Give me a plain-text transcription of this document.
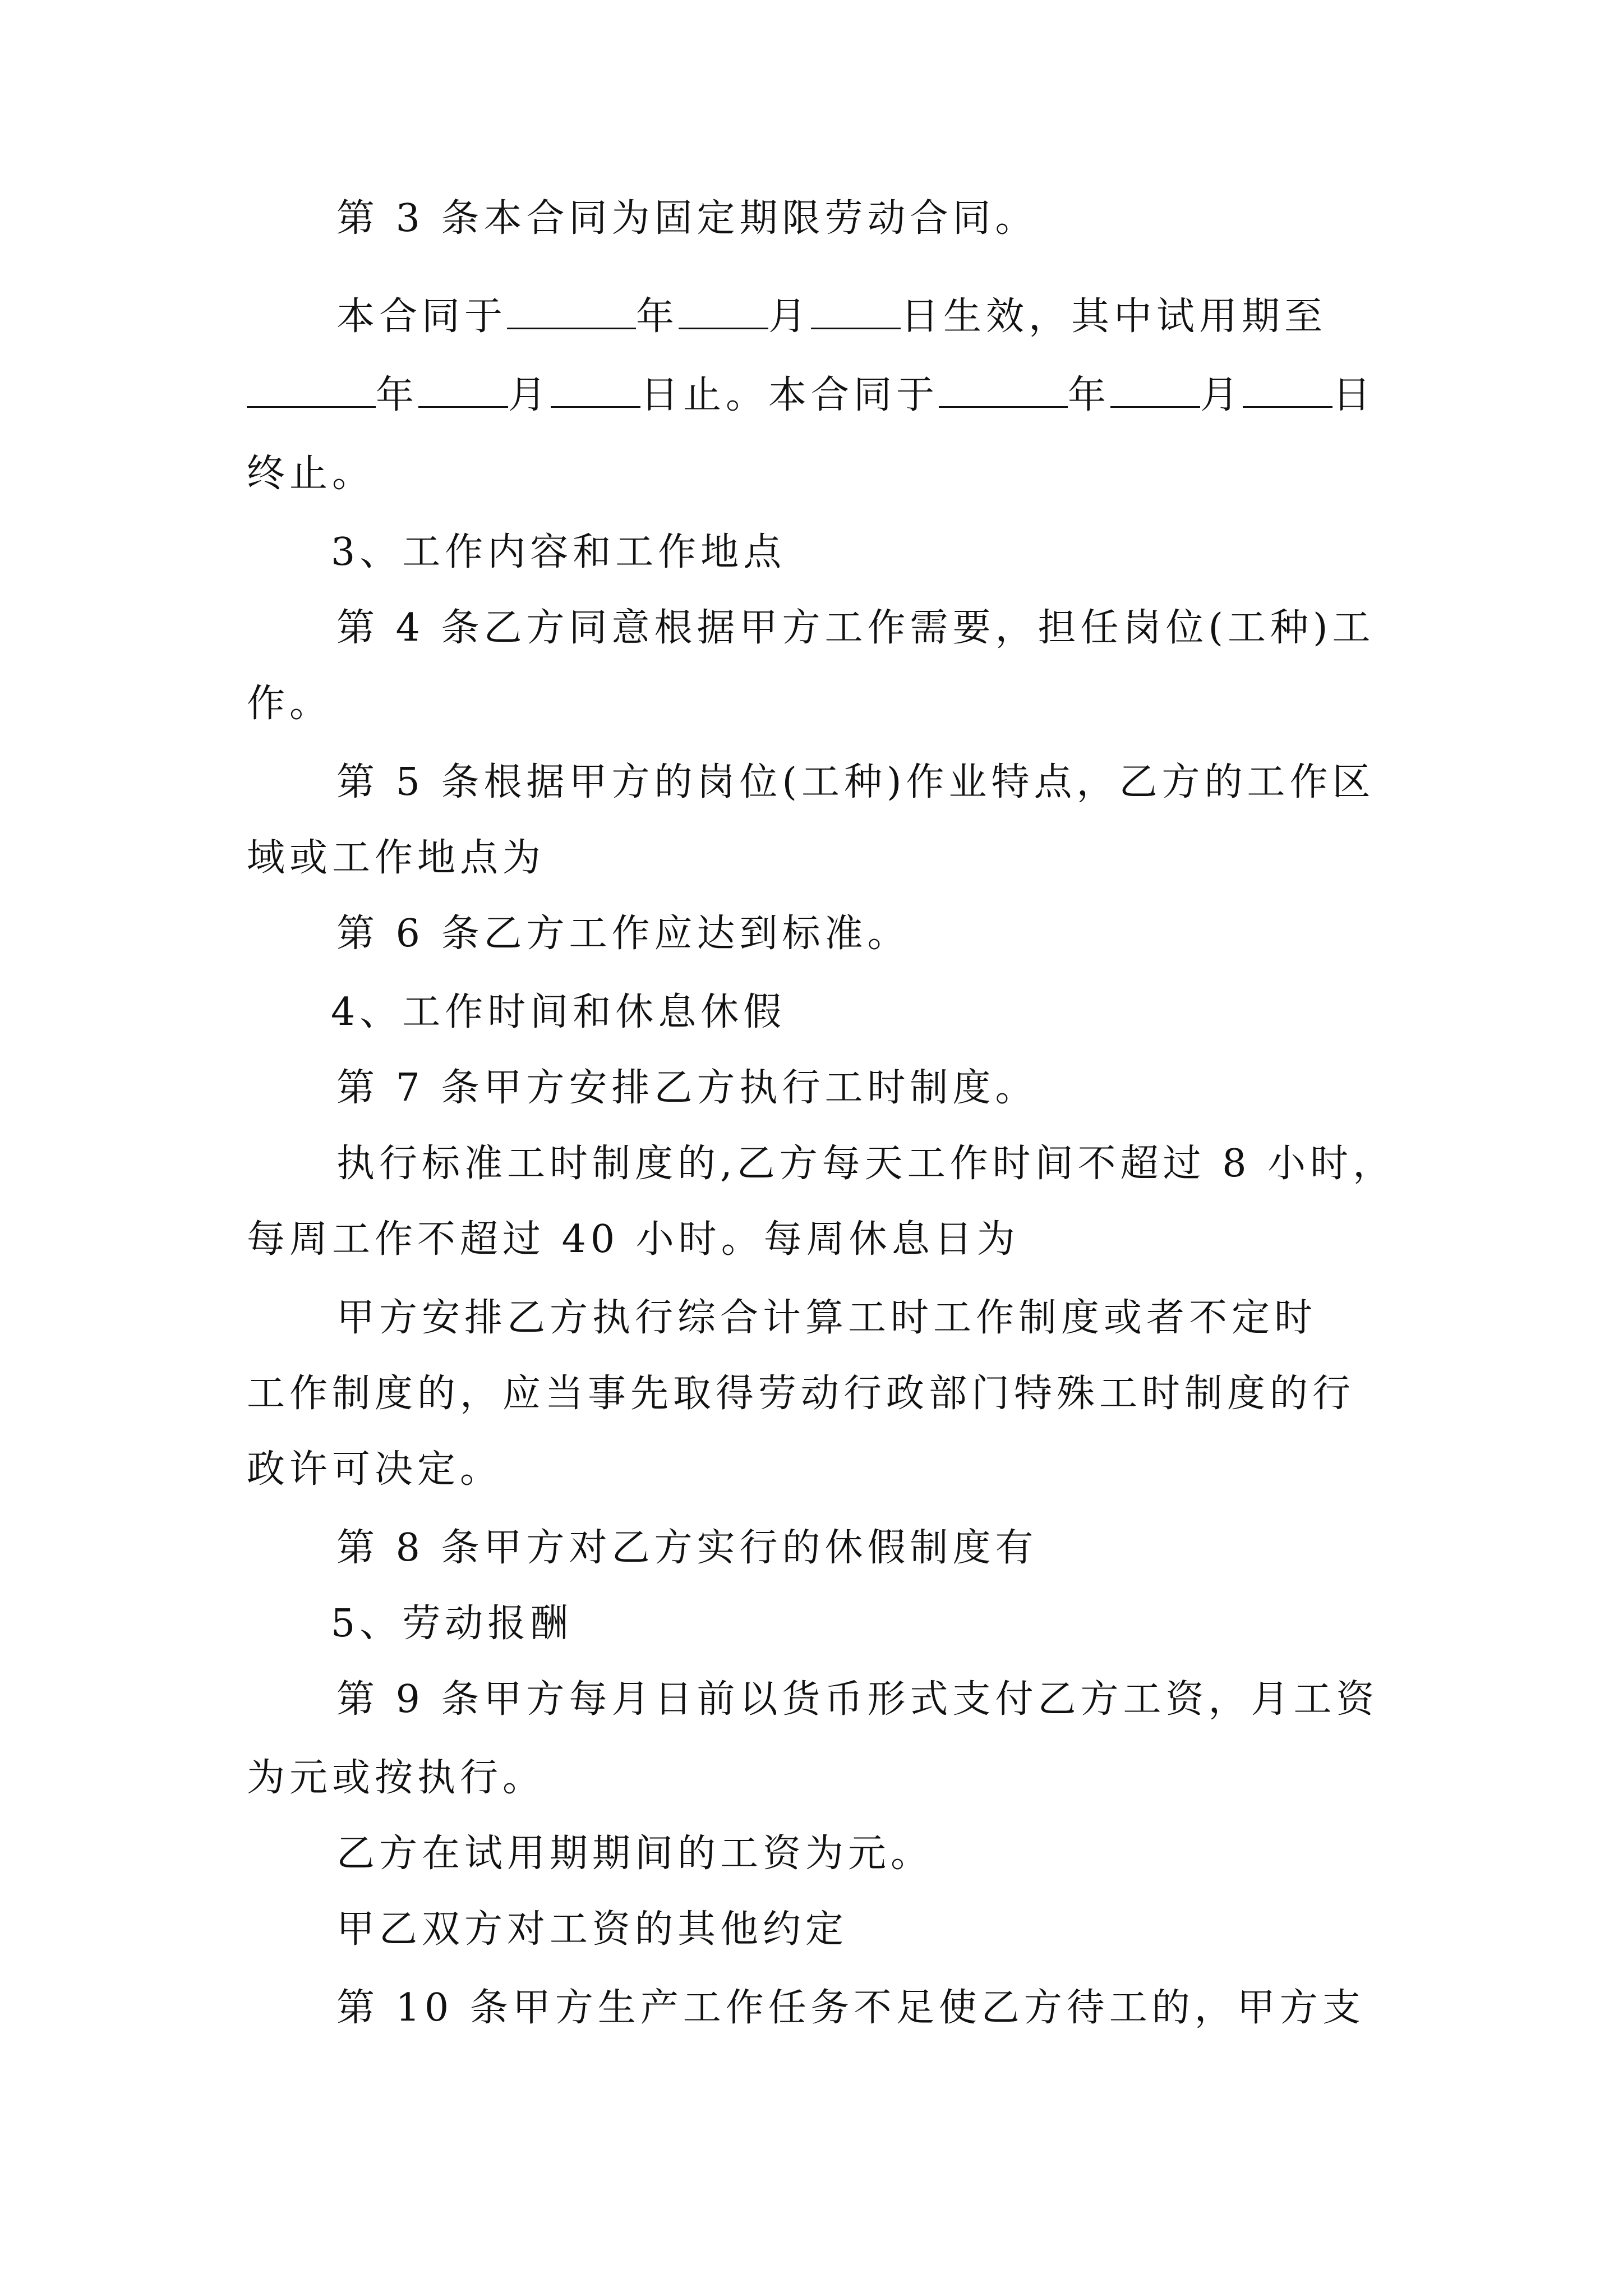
第 3 条本合同为固定期限劳动合同。
本合同于	年 月 日生效，其中试用期至
年 月 日止。本合同于	年 月 日
终止。
3、工作内容和工作地点
第 4 条乙方同意根据甲方工作需要，担任岗位(工种)工
作。
第 5 条根据甲方的岗位(工种)作业特点，乙方的工作区
域或工作地点为
第 6 条乙方工作应达到标准。
4、工作时间和休息休假
第 7 条甲方安排乙方执行工时制度。
执行标准工时制度的,乙方每天工作时间不超过 8 小时，
每周工作不超过 40 小时。每周休息日为
甲方安排乙方执行综合计算工时工作制度或者不定时
工作制度的，应当事先取得劳动行政部门特殊工时制度的行
政许可决定。
第 8 条甲方对乙方实行的休假制度有
5、劳动报酬
第 9 条甲方每月日前以货币形式支付乙方工资，月工资
为元或按执行。
乙方在试用期期间的工资为元。
甲乙双方对工资的其他约定
第 10 条甲方生产工作任务不足使乙方待工的，甲方支
